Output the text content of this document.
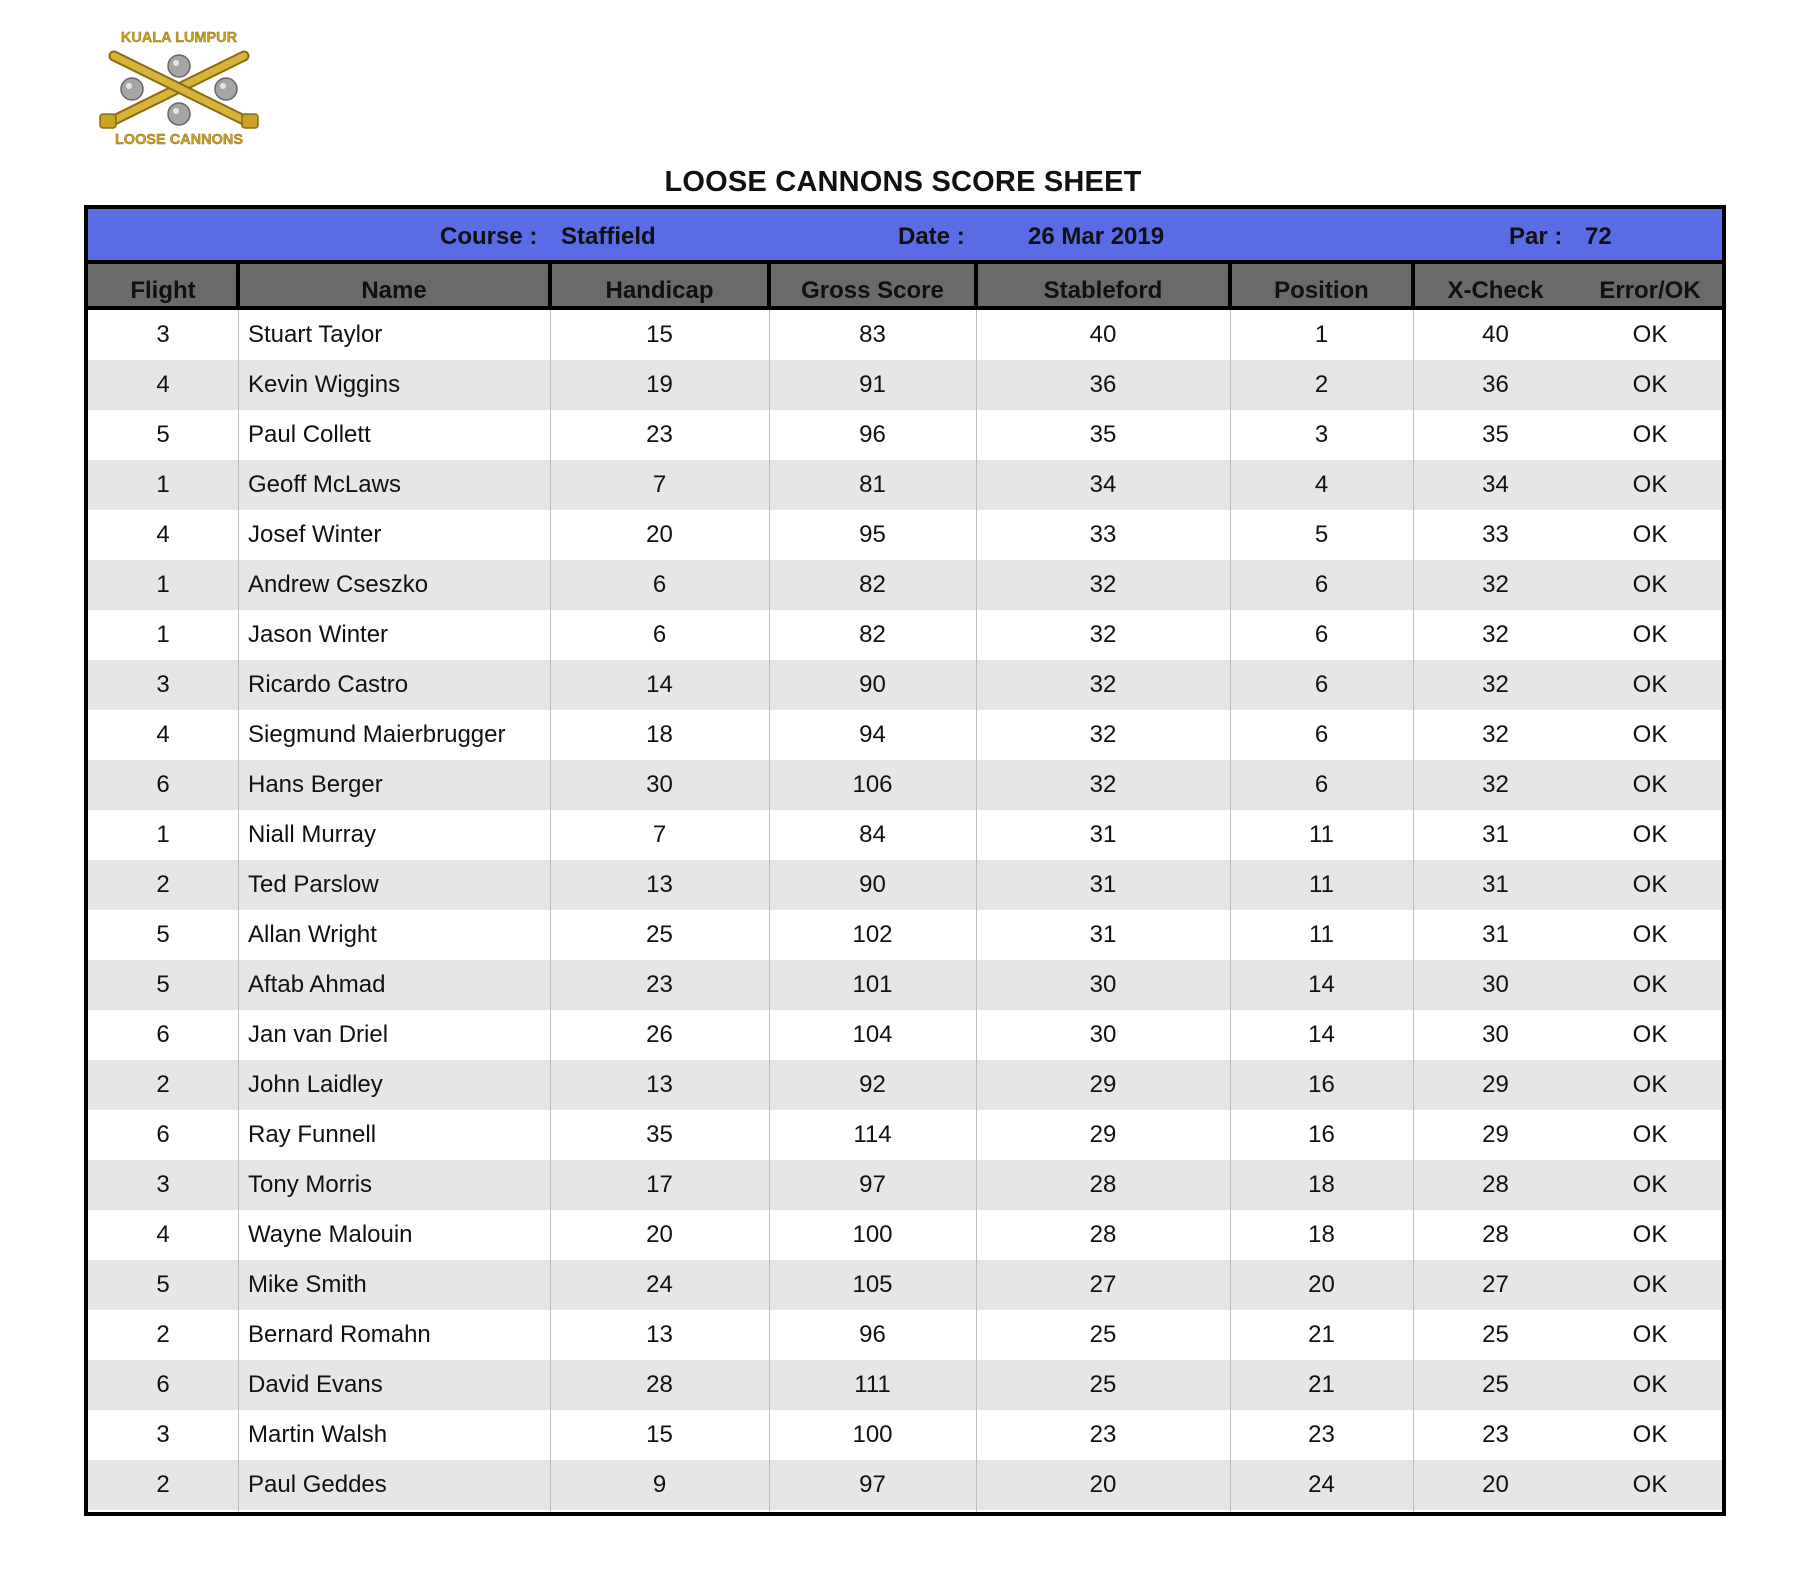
KUALA LUMPUR
LOOSE CANNONS
LOOSE CANNONS SCORE SHEET
Course : Staffield	Date :	26 Mar 2019	Par : 72
Flight	Name	Handicap	Gross Score	Stableford	Position	X-Check	Error/OK
3	Stuart Taylor	15	83	40	1	40	OK
4	Kevin Wiggins	19	91	36	2	36	OK
5	Paul Collett	23	96	35	3	35	OK
1	Geoff McLaws	7	81	34	4	34	OK
4	Josef Winter	20	95	33	5	33	OK
1	Andrew Cseszko	6	82	32	6	32	OK
1	Jason Winter	6	82	32	6	32	OK
3	Ricardo Castro	14	90	32	6	32	OK
4	Siegmund Maierbrugger	18	94	32	6	32	OK
6	Hans Berger	30	106	32	6	32	OK
1	Niall Murray	7	84	31	11	31	OK
2	Ted Parslow	13	90	31	11	31	OK
5	Allan Wright	25	102	31	11	31	OK
5	Aftab Ahmad	23	101	30	14	30	OK
6	Jan van Driel	26	104	30	14	30	OK
2	John Laidley	13	92	29	16	29	OK
6	Ray Funnell	35	114	29	16	29	OK
3	Tony Morris	17	97	28	18	28	OK
4	Wayne Malouin	20	100	28	18	28	OK
5	Mike Smith	24	105	27	20	27	OK
2	Bernard Romahn	13	96	25	21	25	OK
6	David Evans	28	111	25	21	25	OK
3	Martin Walsh	15	100	23	23	23	OK
2	Paul Geddes	9	97	20	24	20	OK
